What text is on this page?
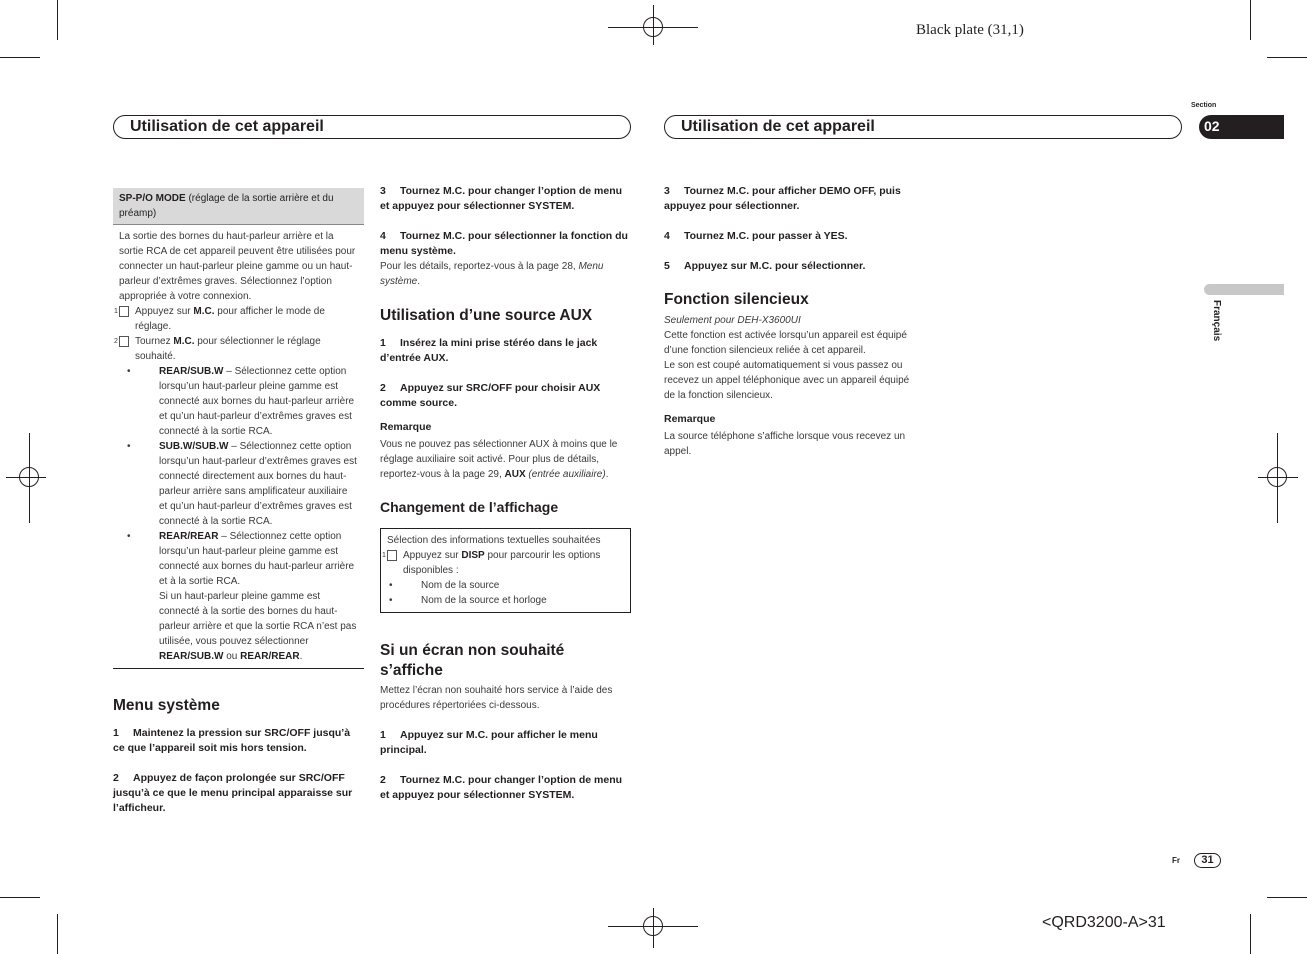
Black plate (31,1)
<QRD3200-A>31
Utilisation de cet appareil	Utilisation de cet appareil
Section
02
Français
Fr	31
SP-P/O MODE (réglage de la sortie arrière et du préamp)

La sortie des bornes du haut-parleur arrière et la sortie RCA de cet appareil peuvent être utilisées pour connecter un haut-parleur pleine gamme ou un haut-parleur d’extrêmes graves. Sélectionnez l’option appropriée à votre connexion.

1 Appuyez sur M.C. pour afficher le mode de réglage.

2 Tournez M.C. pour sélectionner le réglage souhaité.

•	REAR/SUB.W – Sélectionnez cette option lorsqu’un haut-parleur pleine gamme est connecté aux bornes du haut-parleur arrière et qu’un haut-parleur d’extrêmes graves est connecté à la sortie RCA.

•	SUB.W/SUB.W – Sélectionnez cette option lorsqu’un haut-parleur d’extrêmes graves est connecté directement aux bornes du haut-parleur arrière sans amplificateur auxiliaire et qu’un haut-parleur d’extrêmes graves est connecté à la sortie RCA.

•	REAR/REAR – Sélectionnez cette option lorsqu’un haut-parleur pleine gamme est connecté aux bornes du haut-parleur arrière et à la sortie RCA.

Si un haut-parleur pleine gamme est connecté à la sortie des bornes du haut-parleur arrière et que la sortie RCA n’est pas utilisée, vous pouvez sélectionner REAR/SUB.W ou REAR/REAR.

Menu système

1 Maintenez la pression sur SRC/OFF jusqu’à ce que l’appareil soit mis hors tension.

2 Appuyez de façon prolongée sur SRC/OFF jusqu’à ce que le menu principal apparaisse sur l’afficheur.

3 Tournez M.C. pour changer l’option de menu et appuyez pour sélectionner SYSTEM.

4 Tournez M.C. pour sélectionner la fonction du menu système.

Pour les détails, reportez-vous à la page 28, Menu système.

Utilisation d’une source AUX

1 Insérez la mini prise stéréo dans le jack d’entrée AUX.

2 Appuyez sur SRC/OFF pour choisir AUX comme source.

Remarque

Vous ne pouvez pas sélectionner AUX à moins que le réglage auxiliaire soit activé. Pour plus de détails, reportez-vous à la page 29, AUX (entrée auxiliaire).

Changement de l’affichage

Sélection des informations textuelles souhaitées

1 Appuyez sur DISP pour parcourir les options disponibles :

•	Nom de la source

•	Nom de la source et horloge

Si un écran non souhaité s’affiche

Mettez l’écran non souhaité hors service à l’aide des procédures répertoriées ci-dessous.

1 Appuyez sur M.C. pour afficher le menu principal.

2 Tournez M.C. pour changer l’option de menu et appuyez pour sélectionner SYSTEM.

3 Tournez M.C. pour afficher DEMO OFF, puis appuyez pour sélectionner.

4 Tournez M.C. pour passer à YES.

5 Appuyez sur M.C. pour sélectionner.

Fonction silencieux

Seulement pour DEH-X3600UI

Cette fonction est activée lorsqu’un appareil est équipé d’une fonction silencieux reliée à cet appareil.

Le son est coupé automatiquement si vous passez ou recevez un appel téléphonique avec un appareil équipé de la fonction silencieux.

Remarque

La source téléphone s’affiche lorsque vous recevez un appel.
